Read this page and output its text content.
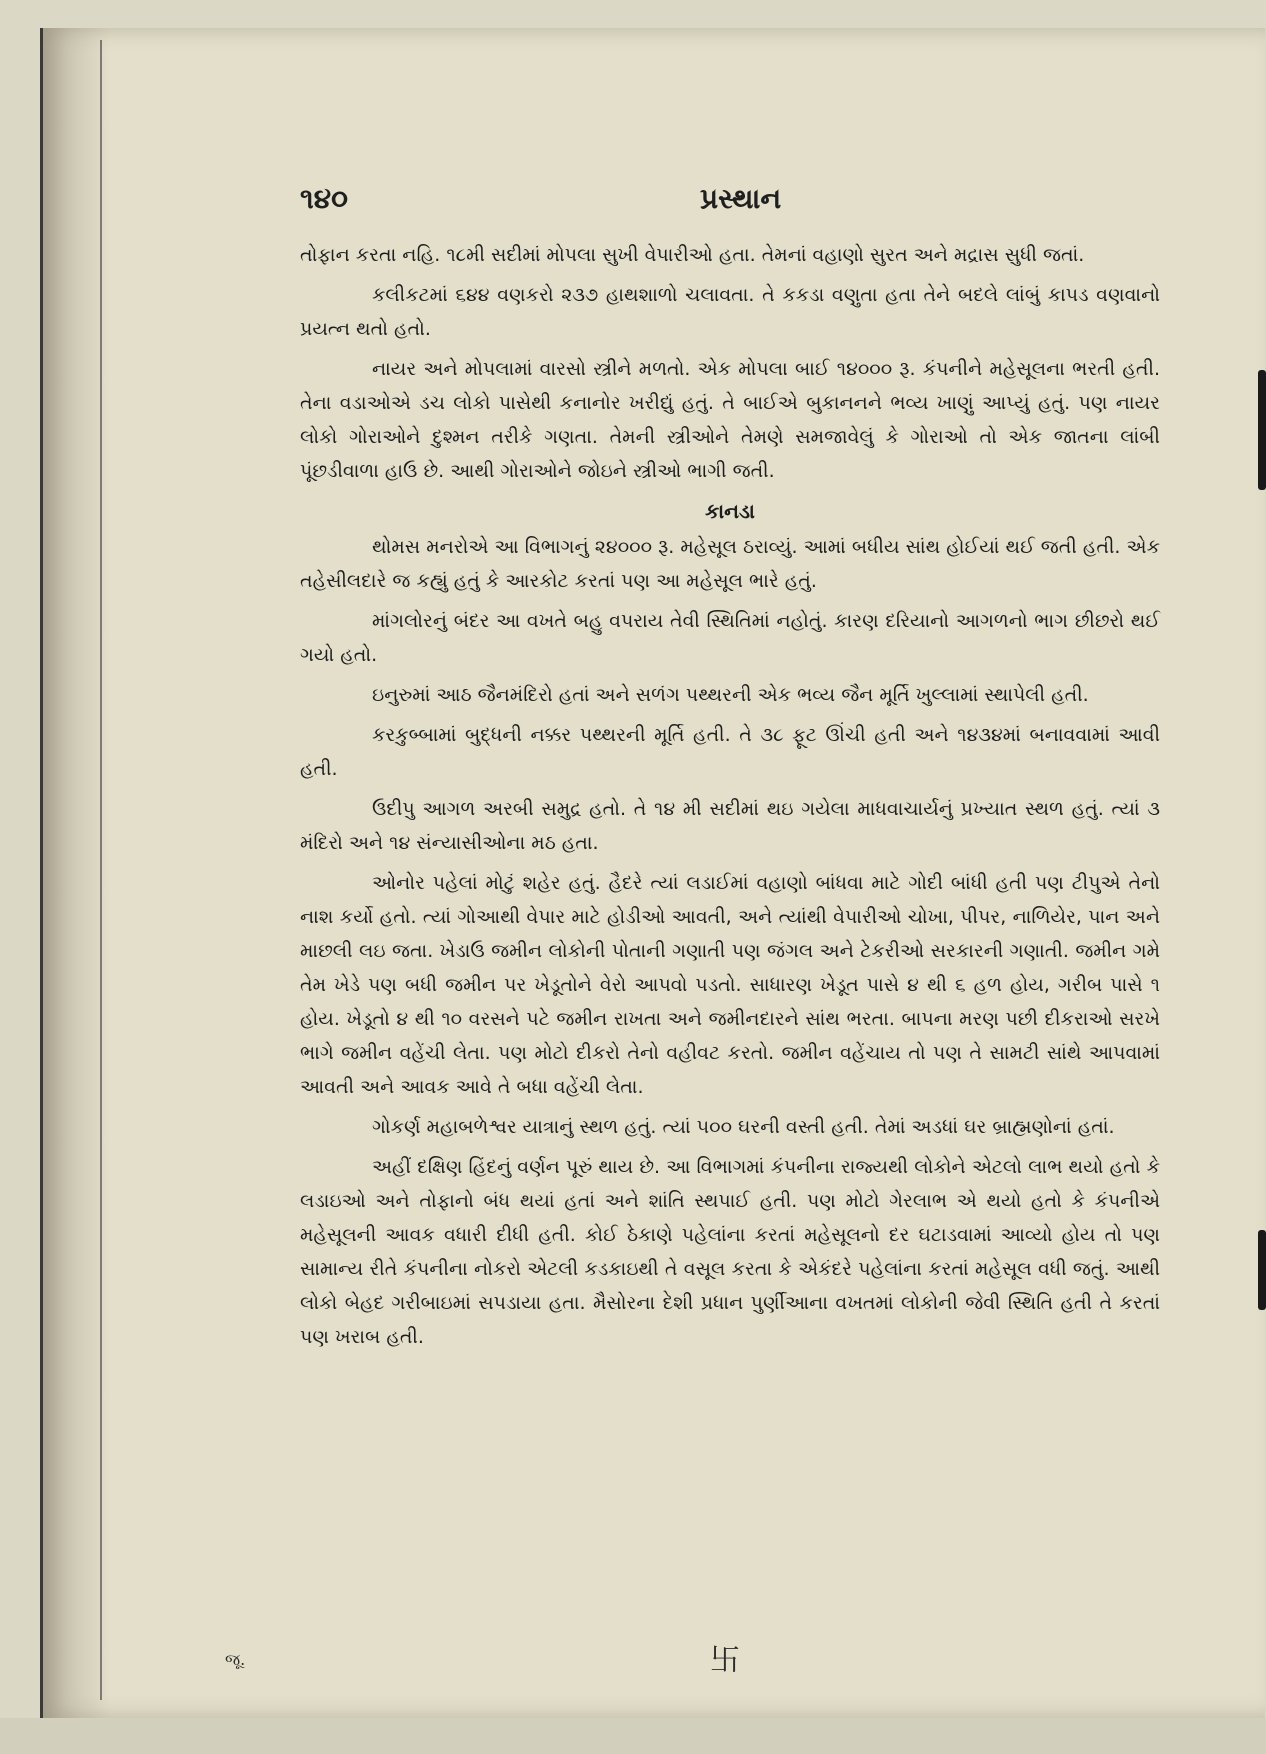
૧૪૦	પ્રસ્થાન

તોફાન કરતા નહિ. ૧૮મી સદીમાં મોપલા સુખી વેપારીઓ હતા. તેમનાં વહાણો સુરત અને મદ્રાસ સુધી જતાં.

કલીકટમાં ૬૪૪ વણકરો ૨૩૭ હાથશાળો ચલાવતા. તે કકડા વણુતા હતા તેને બદલે લાંબું કાપડ વણવાનો પ્રયત્ન થતો હતો.

નાયર અને મોપલામાં વારસો સ્ત્રીને મળતો. એક મોપલા બાઈ ૧૪૦૦૦ રૂ. કંપનીને મહેસૂલના ભરતી હતી. તેના વડાઓએ ડચ લોકો પાસેથી કનાનોર ખરીદ્યું હતું. તે બાઈએ બુકાનનને ભવ્ય ખાણું આપ્યું હતું. પણ નાયર લોકો ગોરાઓને દુશ્મન તરીકે ગણતા. તેમની સ્ત્રીઓને તેમણે સમજાવેલું કે ગોરાઓ તો એક જાતના લાંબી પૂંછડીવાળા હાઉ છે. આથી ગોરાઓને જોઇને સ્ત્રીઓ ભાગી જતી.

કાનડા

થોમસ મનરોએ આ વિભાગનું ૨૪૦૦૦ રૂ. મહેસૂલ ઠરાવ્યું. આમાં બધીય સાંથ હોઈયાં થઈ જતી હતી. એક તહેસીલદારે જ કહ્યું હતું કે આરકોટ કરતાં પણ આ મહેસૂલ ભારે હતું.

માંગલોરનું બંદર આ વખતે બહુ વપરાય તેવી સ્થિતિમાં નહોતું. કારણ દરિયાનો આગળનો ભાગ છીછરો થઈ ગયો હતો.

ઇનુરુમાં આઠ જૈનમંદિરો હતાં અને સળંગ પથ્થરની એક ભવ્ય જૈન મૂર્તિ ખુલ્લામાં સ્થાપેલી હતી.

કરકુબ્બામાં બુદ્ધની નક્કર પથ્થરની મૂર્તિ હતી. તે ૩૮ ફૂટ ઊંચી હતી અને ૧૪૩૪માં બનાવવામાં આવી હતી.

ઉદીપુ આગળ અરબી સમુદ્ર હતો. તે ૧૪ મી સદીમાં થઇ ગયેલા માધવાચાર્યનું પ્રખ્યાત સ્થળ હતું. ત્યાં ૩ મંદિરો અને ૧૪ સંન્યાસીઓના મઠ હતા.

ઓનોર પહેલાં મોટું શહેર હતું. હૈદરે ત્યાં લડાઈમાં વહાણો બાંધવા માટે ગોદી બાંધી હતી પણ ટીપુએ તેનો નાશ કર્યો હતો. ત્યાં ગોઆથી વેપાર માટે હોડીઓ આવતી, અને ત્યાંથી વેપારીઓ ચોખા, પીપર, નાળિયેર, પાન અને માછલી લઇ જતા. ખેડાઉ જમીન લોકોની પોતાની ગણાતી પણ જંગલ અને ટેકરીઓ સરકારની ગણાતી. જમીન ગમે તેમ ખેડે પણ બધી જમીન પર ખેડૂતોને વેરો આપવો પડતો. સાધારણ ખેડૂત પાસે ૪ થી ૬ હળ હોય, ગરીબ પાસે ૧ હોય. ખેડૂતો ૪ થી ૧૦ વરસને પટે જમીન રાખતા અને જમીનદારને સાંથ ભરતા. બાપના મરણ પછી દીકરાઓ સરખે ભાગે જમીન વહેંચી લેતા. પણ મોટો દીકરો તેનો વહીવટ કરતો. જમીન વહેંચાય તો પણ તે સામટી સાંથે આપવામાં આવતી અને આવક આવે તે બધા વહેંચી લેતા.

ગોકર્ણ મહાબળેશ્વર યાત્રાનું સ્થળ હતું. ત્યાં ૫૦૦ ઘરની વસ્તી હતી. તેમાં અડધાં ઘર બ્રાહ્મણોનાં હતાં.

અહીં દક્ષિણ હિંદનું વર્ણન પૂરું થાય છે. આ વિભાગમાં કંપનીના રાજ્યથી લોકોને એટલો લાભ થયો હતો કે લડાઇઓ અને તોફાનો બંધ થયાં હતાં અને શાંતિ સ્થપાઈ હતી. પણ મોટો ગેરલાભ એ થયો હતો કે કંપનીએ મહેસૂલની આવક વધારી દીધી હતી. કોઈ ઠેકાણે પહેલાંના કરતાં મહેસૂલનો દર ઘટાડવામાં આવ્યો હોય તો પણ સામાન્ય રીતે કંપનીના નોકરો એટલી કડકાઇથી તે વસૂલ કરતા કે એકંદરે પહેલાંના કરતાં મહેસૂલ વધી જતું. આથી લોકો બેહદ ગરીબાઇમાં સપડાયા હતા. મૈસોરના દેશી પ્રધાન પુર્ણીઆના વખતમાં લોકોની જેવી સ્થિતિ હતી તે કરતાં પણ ખરાબ હતી.

卐
જૂ.
